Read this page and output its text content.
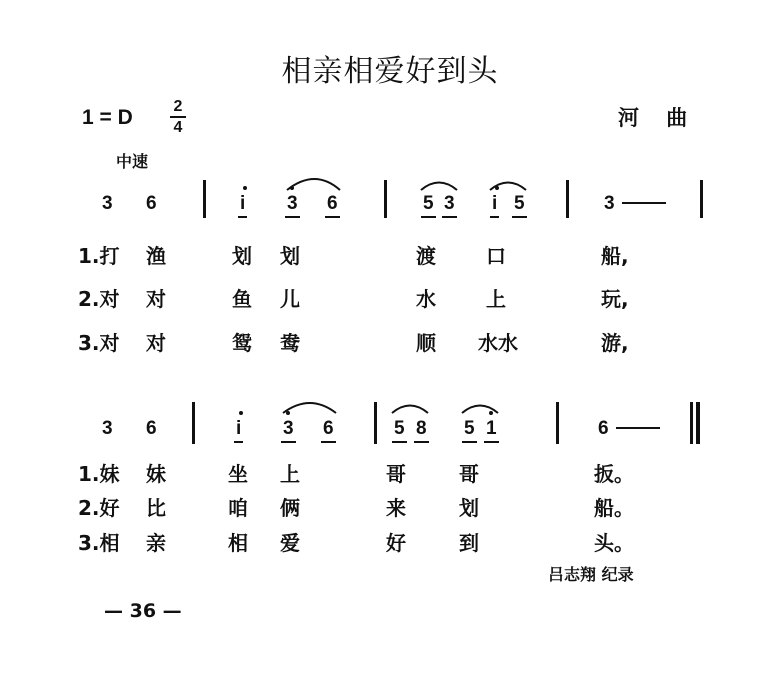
相亲相爱好到头
1 = D	2
4	河 曲
中速
3 6	i 3 6	5 3 i 5	3
1.打 渔	划 划	渡	口	船,
2.对 对	鱼 儿	水	上	玩,
3.对 对	鸳 鸯	顺 水水	游,
3 6	i 3 6	5 8 5 1	6
1.妹 妹	坐 上	哥	哥	扳。
2.好 比	咱 俩	来	划	船。
3.相 亲	相 爱	好	到	头。
吕志翔 纪录
— 36 —
